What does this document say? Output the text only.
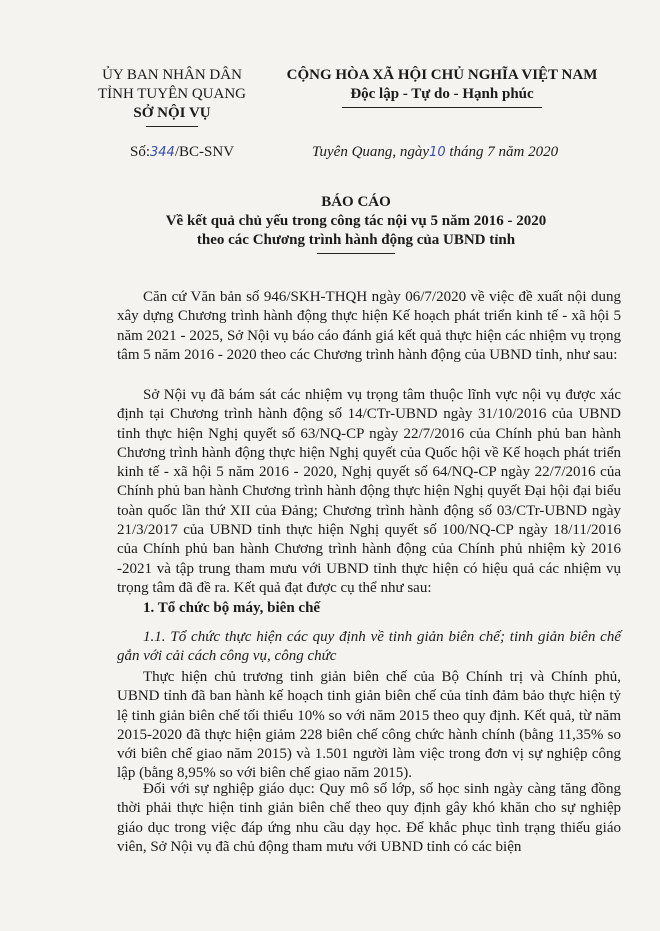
ỦY BAN NHÂN DÂN
TỈNH TUYÊN QUANG
SỞ NỘI VỤ
CỘNG HÒA XÃ HỘI CHỦ NGHĨA VIỆT NAM
Độc lập - Tự do - Hạnh phúc
Số:344/BC-SNV	Tuyên Quang, ngày10 tháng 7 năm 2020
BÁO CÁO
Về kết quả chủ yếu trong công tác nội vụ 5 năm 2016 - 2020
theo các Chương trình hành động của UBND tỉnh
Căn cứ Văn bản số 946/SKH-THQH ngày 06/7/2020 về việc đề xuất nội dung xây dựng Chương trình hành động thực hiện Kế hoạch phát triển kinh tế - xã hội 5 năm 2021 - 2025, Sở Nội vụ báo cáo đánh giá kết quả thực hiện các nhiệm vụ trọng tâm 5 năm 2016 - 2020 theo các Chương trình hành động của UBND tỉnh, như sau:
Sở Nội vụ đã bám sát các nhiệm vụ trọng tâm thuộc lĩnh vực nội vụ được xác định tại Chương trình hành động số 14/CTr-UBND ngày 31/10/2016 của UBND tỉnh thực hiện Nghị quyết số 63/NQ-CP ngày 22/7/2016 của Chính phủ ban hành Chương trình hành động thực hiện Nghị quyết của Quốc hội về Kế hoạch phát triển kinh tế - xã hội 5 năm 2016 - 2020, Nghị quyết số 64/NQ-CP ngày 22/7/2016 của Chính phủ ban hành Chương trình hành động thực hiện Nghị quyết Đại hội đại biểu toàn quốc lần thứ XII của Đảng; Chương trình hành động số 03/CTr-UBND ngày 21/3/2017 của UBND tỉnh thực hiện Nghị quyết số 100/NQ-CP ngày 18/11/2016 của Chính phủ ban hành Chương trình hành động của Chính phủ nhiệm kỳ 2016 -2021 và tập trung tham mưu với UBND tỉnh thực hiện có hiệu quả các nhiệm vụ trọng tâm đã đề ra. Kết quả đạt được cụ thể như sau:
1. Tổ chức bộ máy, biên chế
1.1. Tổ chức thực hiện các quy định về tinh giản biên chế; tinh giản biên chế gắn với cải cách công vụ, công chức
Thực hiện chủ trương tinh giản biên chế của Bộ Chính trị và Chính phủ, UBND tỉnh đã ban hành kế hoạch tinh giản biên chế của tỉnh đảm bảo thực hiện tỷ lệ tinh giản biên chế tối thiểu 10% so với năm 2015 theo quy định. Kết quả, từ năm 2015-2020 đã thực hiện giảm 228 biên chế công chức hành chính (bằng 11,35% so với biên chế giao năm 2015) và 1.501 người làm việc trong đơn vị sự nghiệp công lập (bằng 8,95% so với biên chế giao năm 2015).
Đối với sự nghiệp giáo dục: Quy mô số lớp, số học sinh ngày càng tăng đồng thời phải thực hiện tinh giản biên chế theo quy định gây khó khăn cho sự nghiệp giáo dục trong việc đáp ứng nhu cầu dạy học. Để khắc phục tình trạng thiếu giáo viên, Sở Nội vụ đã chủ động tham mưu với UBND tỉnh có các biện
